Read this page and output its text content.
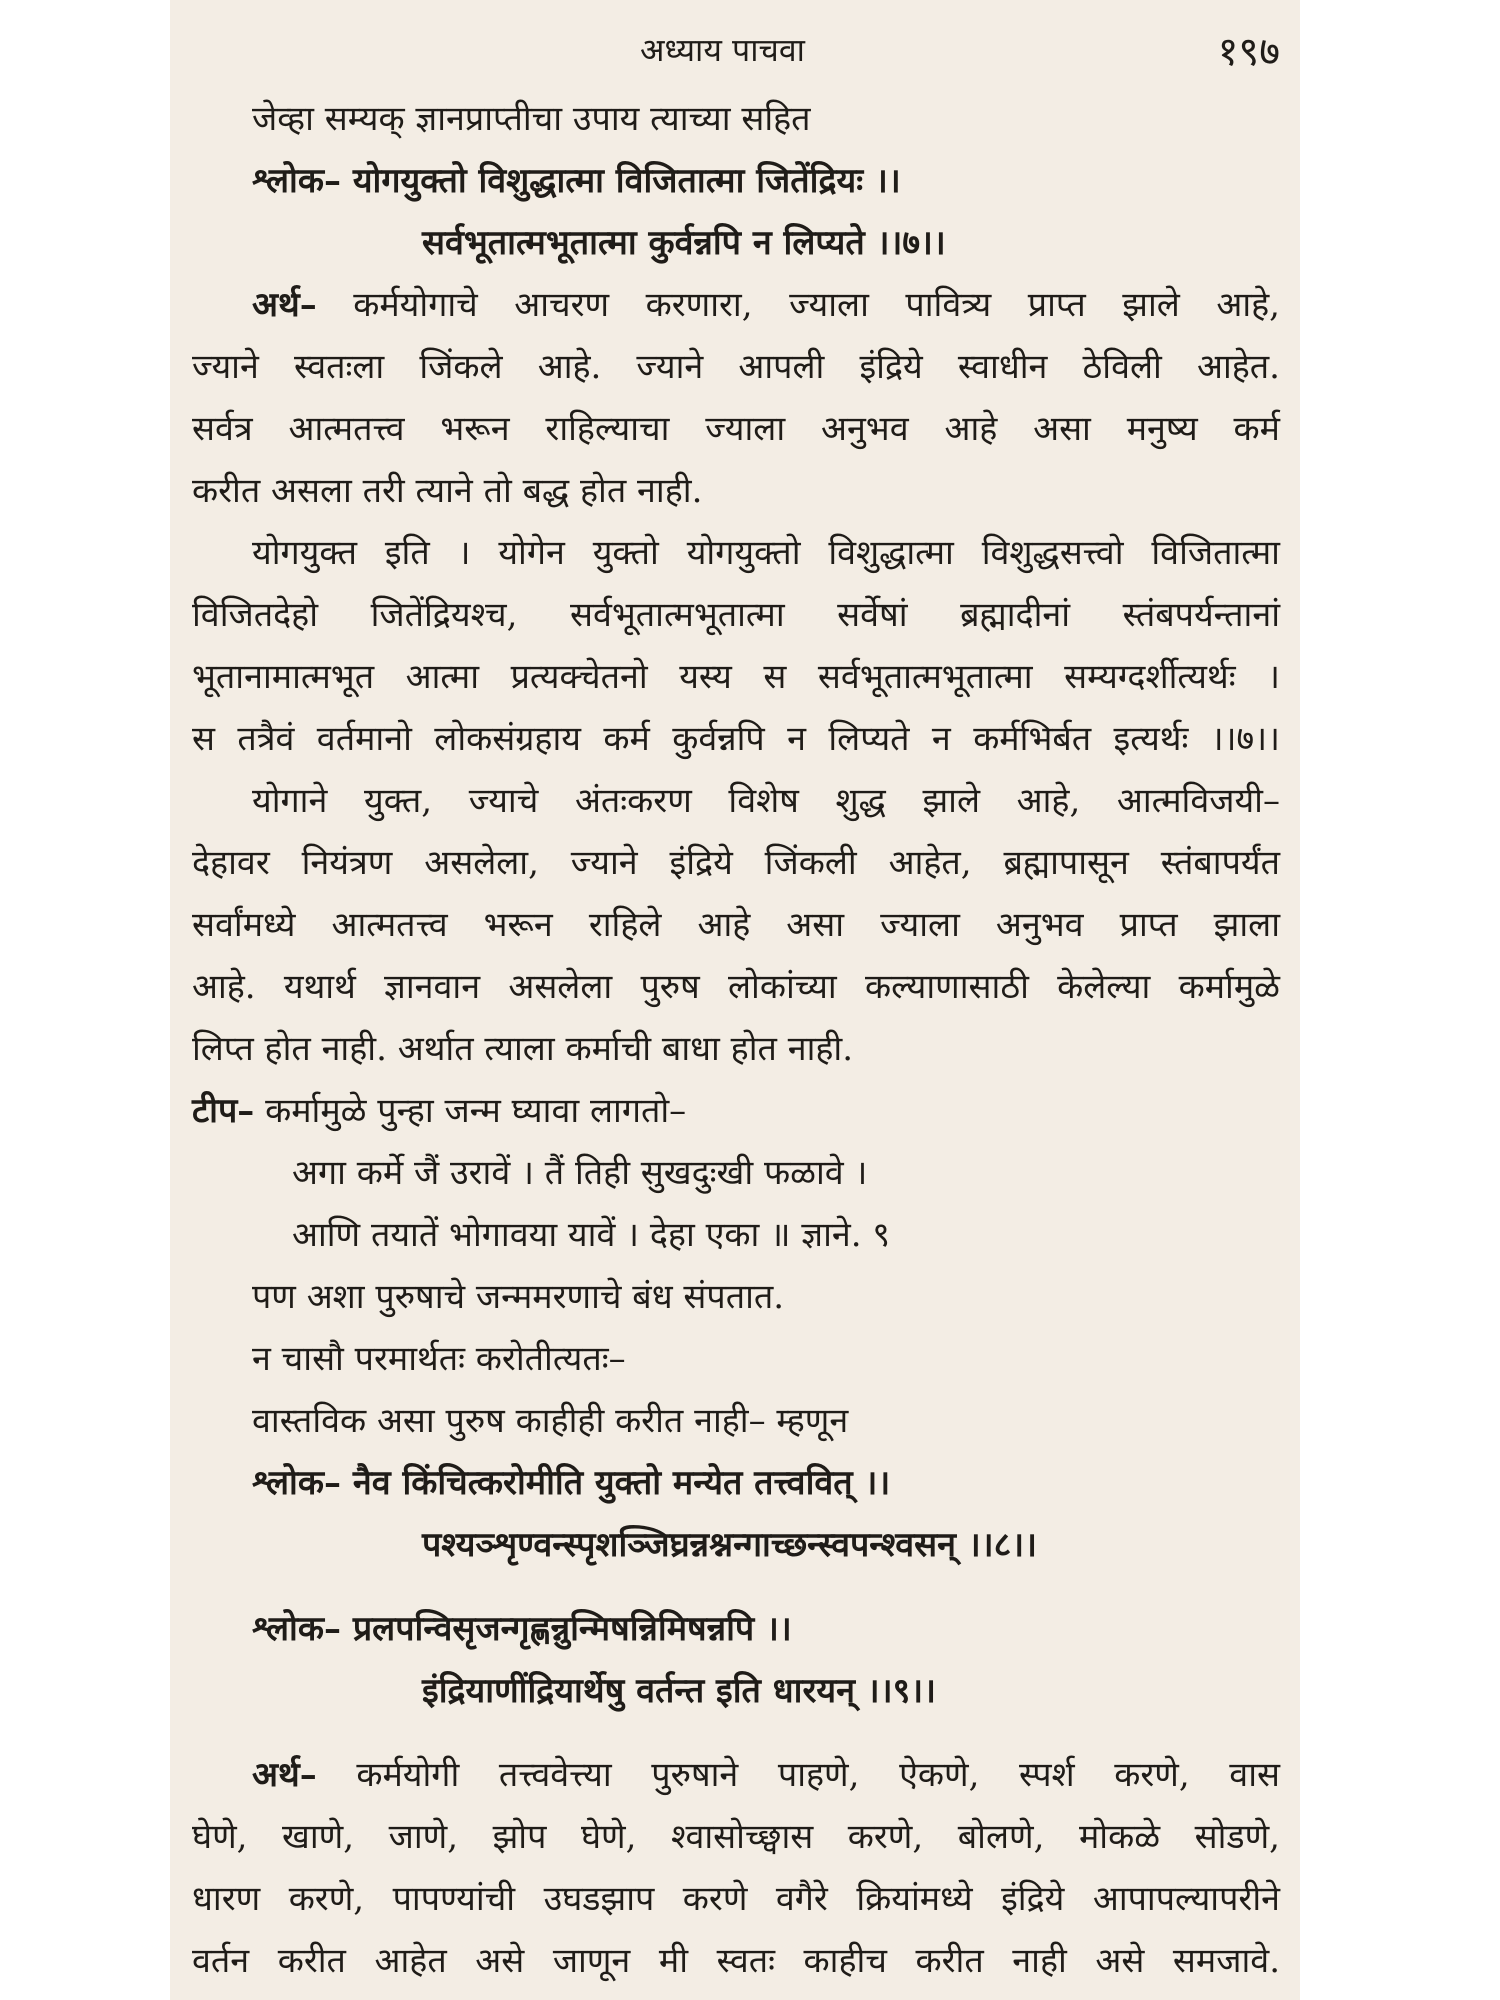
अध्याय पाचवा	१९७
जेव्हा सम्यक् ज्ञानप्राप्तीचा उपाय त्याच्या सहित
श्लोक– योगयुक्तो विशुद्धात्मा विजितात्मा जितेंद्रियः ।।
सर्वभूतात्मभूतात्मा कुर्वन्नपि न लिप्यते ।।७।।
अर्थ– कर्मयोगाचे आचरण करणारा, ज्याला पावित्र्य प्राप्त झाले आहे,
ज्याने स्वतःला जिंकले आहे. ज्याने आपली इंद्रिये स्वाधीन ठेविली आहेत.
सर्वत्र आत्मतत्त्व भरून राहिल्याचा ज्याला अनुभव आहे असा मनुष्य कर्म
करीत असला तरी त्याने तो बद्ध होत नाही.
योगयुक्त इति । योगेन युक्तो योगयुक्तो विशुद्धात्मा विशुद्धसत्त्वो विजितात्मा
विजितदेहो जितेंद्रियश्च, सर्वभूतात्मभूतात्मा सर्वेषां ब्रह्मादीनां स्तंबपर्यन्तानां
भूतानामात्मभूत आत्मा प्रत्यक्चेतनो यस्य स सर्वभूतात्मभूतात्मा सम्यग्दर्शीत्यर्थः ।
स तत्रैवं वर्तमानो लोकसंग्रहाय कर्म कुर्वन्नपि न लिप्यते न कर्मभिर्बत इत्यर्थः ।।७।।
योगाने युक्त, ज्याचे अंतःकरण विशेष शुद्ध झाले आहे, आत्मविजयी–
देहावर नियंत्रण असलेला, ज्याने इंद्रिये जिंकली आहेत, ब्रह्मापासून स्तंबापर्यंत
सर्वांमध्ये आत्मतत्त्व भरून राहिले आहे असा ज्याला अनुभव प्राप्त झाला
आहे. यथार्थ ज्ञानवान असलेला पुरुष लोकांच्या कल्याणासाठी केलेल्या कर्मामुळे
लिप्त होत नाही. अर्थात त्याला कर्माची बाधा होत नाही.
टीप– कर्मामुळे पुन्हा जन्म घ्यावा लागतो–
अगा कर्मे जैं उरावें । तैं तिही सुखदुःखी फळावे ।
आणि तयातें भोगावया यावें । देहा एका ॥ ज्ञाने. ९
पण अशा पुरुषाचे जन्ममरणाचे बंध संपतात.
न चासौ परमार्थतः करोतीत्यतः–
वास्तविक असा पुरुष काहीही करीत नाही– म्हणून
श्लोक– नैव किंचित्करोमीति युक्तो मन्येत तत्त्ववित् ।।
पश्यञ्शृण्वन्स्पृशञ्जिघ्रन्नश्नन्गाच्छन्स्वपन्श्वसन् ।।८।।
श्लोक– प्रलपन्विसृजन्गृह्णन्नुन्मिषन्निमिषन्नपि ।।
इंद्रियाणींद्रियार्थेषु वर्तन्त इति धारयन् ।।९।।
अर्थ– कर्मयोगी तत्त्ववेत्त्या पुरुषाने पाहणे, ऐकणे, स्पर्श करणे, वास
घेणे, खाणे, जाणे, झोप घेणे, श्वासोच्छ्वास करणे, बोलणे, मोकळे सोडणे,
धारण करणे, पापण्यांची उघडझाप करणे वगैरे क्रियांमध्ये इंद्रिये आपापल्यापरीने
वर्तन करीत आहेत असे जाणून मी स्वतः काहीच करीत नाही असे समजावे.
